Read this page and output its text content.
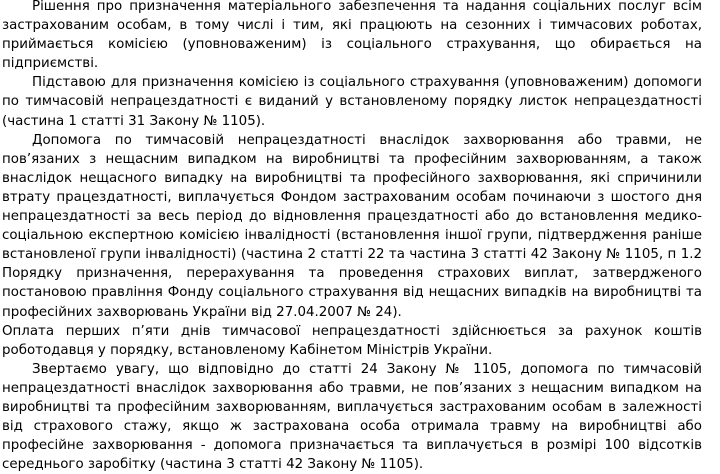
Рішення про призначення матеріального забезпечення та надання соціальних послуг всім застрахованим особам, в тому числі і тим, які працюють на сезонних і тимчасових роботах, приймається комісією (уповноваженим) із соціального страхування, що обирається на підприємстві.

Підставою для призначення комісією із соціального страхування (уповноваженим) допомоги по тимчасовій непрацездатності є виданий у встановленому порядку листок непрацездатності (частина 1 статті 31 Закону № 1105).

Допомога по тимчасовій непрацездатності внаслідок захворювання або травми, не пов’язаних з нещасним випадком на виробництві та професійним захворюванням, а також внаслідок нещасного випадку на виробництві та професійного захворювання, які спричинили втрату працездатності, виплачується Фондом застрахованим особам починаючи з шостого дня непрацездатності за весь період до відновлення працездатності або до встановлення медико-соціальною експертною комісією інвалідності (встановлення іншої групи, підтвердження раніше встановленої групи інвалідності) (частина 2 статті 22 та частина 3 статті 42 Закону № 1105, п 1.2 Порядку призначення, перерахування та проведення страхових виплат, затвердженого постановою правління Фонду соціального страхування від нещасних випадків на виробництві та професійних захворювань України від 27.04.2007 № 24).

Оплата перших п’яти днів тимчасової непрацездатності здійснюється за рахунок коштів роботодавця у порядку, встановленому Кабінетом Міністрів України.

Звертаємо увагу, що відповідно до статті 24 Закону № 1105, допомога по тимчасовій непрацездатності внаслідок захворювання або травми, не пов’язаних з нещасним випадком на виробництві та професійним захворюванням, виплачується застрахованим особам в залежності від страхового стажу, якщо ж застрахована особа отримала травму на виробництві або професійне захворювання - допомога призначається та виплачується в розмірі 100 відсотків середнього заробітку (частина 3 статті 42 Закону № 1105).
